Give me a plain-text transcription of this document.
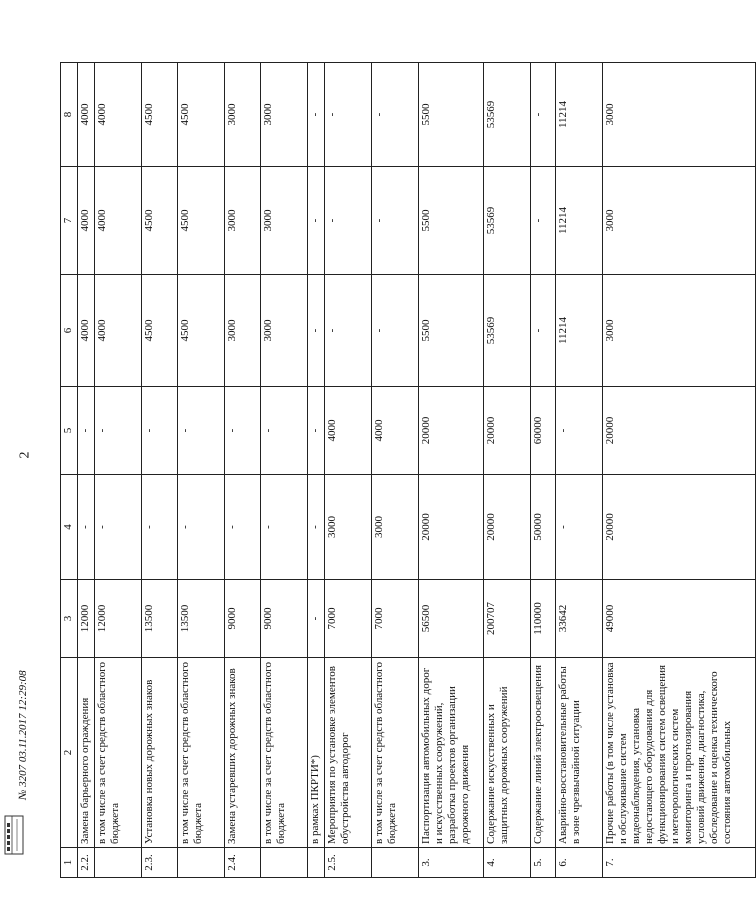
2
1	2	3	4	5	6	7	8
2.2.	Замена барьерного ограждения	12000	-	-	4000	4000	4000
	в том числе за счет средств областного бюджета	12000	-	-	4000	4000	4000
2.3.	Установка новых дорожных знаков	13500	-	-	4500	4500	4500
	в том числе за счет средств областного бюджета	13500	-	-	4500	4500	4500
2.4.	Замена устаревших дорожных знаков	9000	-	-	3000	3000	3000
	в том числе за счет средств областного бюджета	9000	-	-	3000	3000	3000
	в рамках ПКРТИ*)	-	-	-	-	-	-
2.5.	Мероприятия по установке элементов обустройства автодорог	7000	3000	4000	-	-	-
	в том числе за счет средств областного бюджета	7000	3000	4000	-	-	-
3.	Паспортизация автомобильных дорог и искусственных сооружений, разработка проектов организации дорожного движения	56500	20000	20000	5500	5500	5500
4.	Содержание искусственных и защитных дорожных сооружений	200707	20000	20000	53569	53569	53569
5.	Содержание линий электроосвещения	110000	50000	60000	-	-	-
6.	Аварийно-восстановительные работы в зоне чрезвычайной ситуации	33642	-	-	11214	11214	11214
7.	Прочие работы (в том числе установка и обслуживание систем видеонаблюдения, установка недостающего оборудования для функционирования систем освещения и метеорологических систем мониторинга и прогнозирования условий движения, диагностика, обследование и оценка технического состояния автомобильных	49000	20000	20000	3000	3000	3000
№ 3207 03.11.2017 12:29:08
